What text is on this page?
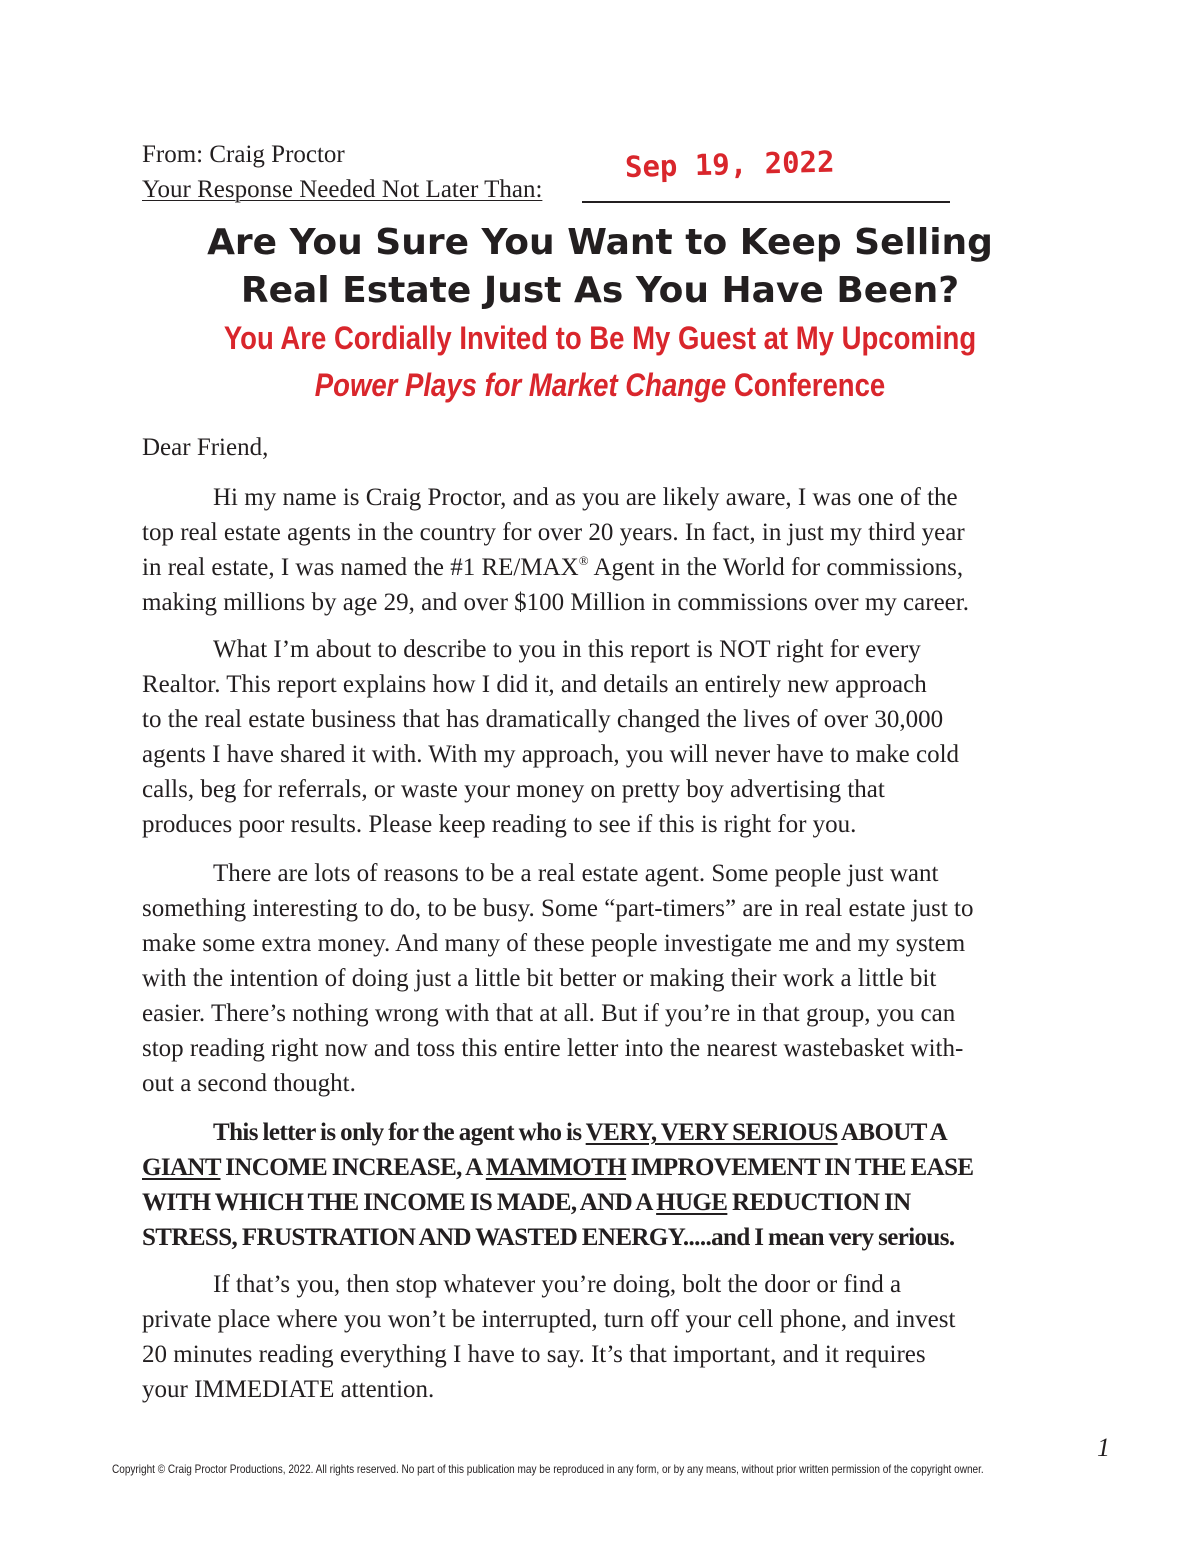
From: Craig Proctor
Your Response Needed Not Later Than:
Sep 19, 2022
Are You Sure You Want to Keep Selling
Real Estate Just As You Have Been?
You Are Cordially Invited to Be My Guest at My Upcoming
Power Plays for Market Change Conference
Dear Friend,
Hi my name is Craig Proctor, and as you are likely aware, I was one of the
top real estate agents in the country for over 20 years. In fact, in just my third year
in real estate, I was named the #1 RE/MAX® Agent in the World for commissions,
making millions by age 29, and over $100 Million in commissions over my career.
What I’m about to describe to you in this report is NOT right for every
Realtor. This report explains how I did it, and details an entirely new approach
to the real estate business that has dramatically changed the lives of over 30,000
agents I have shared it with. With my approach, you will never have to make cold
calls, beg for referrals, or waste your money on pretty boy advertising that
produces poor results. Please keep reading to see if this is right for you.
There are lots of reasons to be a real estate agent. Some people just want
something interesting to do, to be busy. Some “part-timers” are in real estate just to
make some extra money. And many of these people investigate me and my system
with the intention of doing just a little bit better or making their work a little bit
easier. There’s nothing wrong with that at all. But if you’re in that group, you can
stop reading right now and toss this entire letter into the nearest wastebasket with-
out a second thought.
This letter is only for the agent who is VERY, VERY SERIOUS ABOUT A
GIANT INCOME INCREASE, A MAMMOTH IMPROVEMENT IN THE EASE
WITH WHICH THE INCOME IS MADE, AND A HUGE REDUCTION IN
STRESS, FRUSTRATION AND WASTED ENERGY.....and I mean very serious.
If that’s you, then stop whatever you’re doing, bolt the door or find a
private place where you won’t be interrupted, turn off your cell phone, and invest
20 minutes reading everything I have to say. It’s that important, and it requires
your IMMEDIATE attention.
1
Copyright © Craig Proctor Productions, 2022. All rights reserved. No part of this publication may be reproduced in any form, or by any means, without prior written permission of the copyright owner.
